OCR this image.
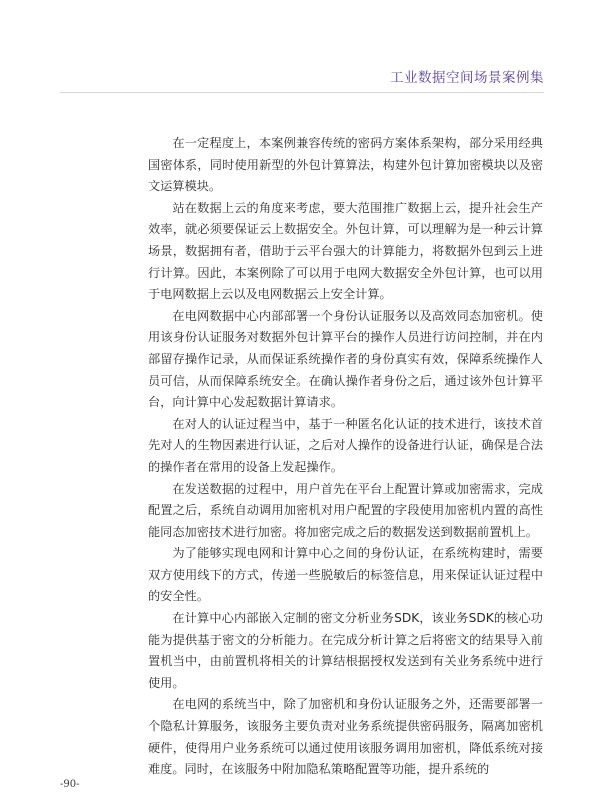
工业数据空间场景案例集

在一定程度上，本案例兼容传统的密码方案体系架构，部分采用经典国密体系，同时使用新型的外包计算算法，构建外包计算加密模块以及密文运算模块。

站在数据上云的角度来考虑，要大范围推广数据上云，提升社会生产效率，就必须要保证云上数据安全。外包计算，可以理解为是一种云计算场景，数据拥有者，借助于云平台强大的计算能力，将数据外包到云上进行计算。因此，本案例除了可以用于电网大数据安全外包计算，也可以用于电网数据上云以及电网数据云上安全计算。

在电网数据中心内部部署一个身份认证服务以及高效同态加密机。使用该身份认证服务对数据外包计算平台的操作人员进行访问控制，并在内部留存操作记录，从而保证系统操作者的身份真实有效，保障系统操作人员可信，从而保障系统安全。在确认操作者身份之后，通过该外包计算平台，向计算中心发起数据计算请求。

在对人的认证过程当中，基于一种匿名化认证的技术进行，该技术首先对人的生物因素进行认证，之后对人操作的设备进行认证，确保是合法的操作者在常用的设备上发起操作。

在发送数据的过程中，用户首先在平台上配置计算或加密需求，完成配置之后，系统自动调用加密机对用户配置的字段使用加密机内置的高性能同态加密技术进行加密。将加密完成之后的数据发送到数据前置机上。

为了能够实现电网和计算中心之间的身份认证，在系统构建时，需要双方使用线下的方式，传递一些脱敏后的标签信息，用来保证认证过程中的安全性。

在计算中心内部嵌入定制的密文分析业务SDK，该业务SDK的核心功能为提供基于密文的分析能力。在完成分析计算之后将密文的结果导入前置机当中，由前置机将相关的计算结根据授权发送到有关业务系统中进行使用。

在电网的系统当中，除了加密机和身份认证服务之外，还需要部署一个隐私计算服务，该服务主要负责对业务系统提供密码服务，隔离加密机硬件，使得用户业务系统可以通过使用该服务调用加密机，降低系统对接难度。同时，在该服务中附加隐私策略配置等功能，提升系统的

-90-
